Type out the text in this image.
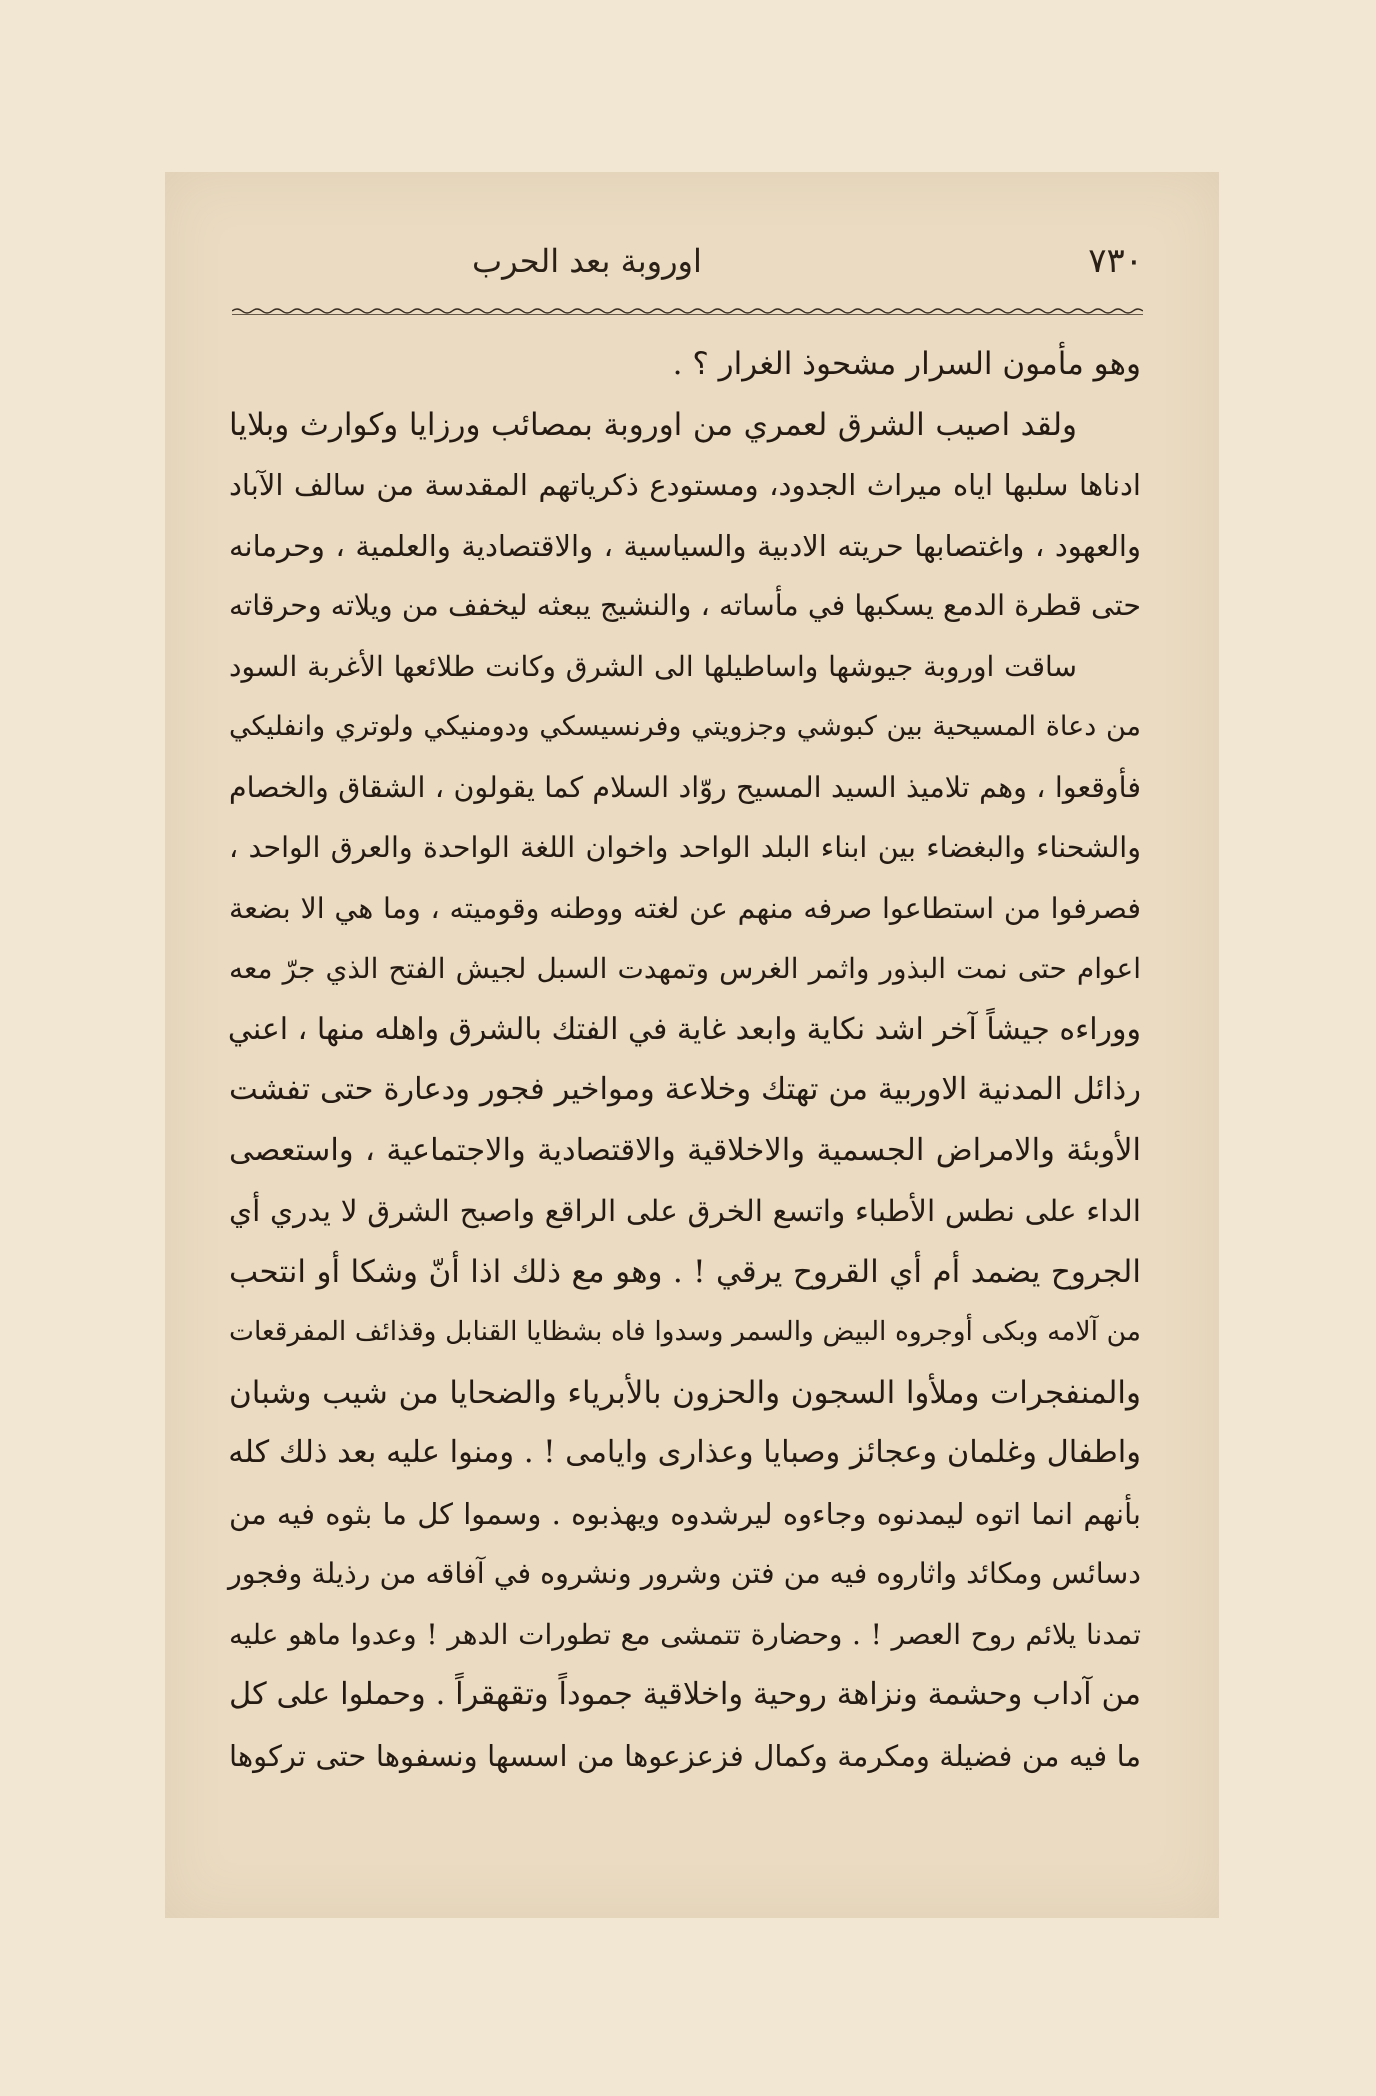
٧٣٠
اوروبة بعد الحرب
وهو مأمون السرار مشحوذ الغرار ؟ .
ولقد اصيب الشرق لعمري من اوروبة بمصائب ورزايا وكوارث وبلايا
ادناها سلبها اياه ميراث الجدود، ومستودع ذكرياتهم المقدسة من سالف الآباد
والعهود ، واغتصابها حريته الادبية والسياسية ، والاقتصادية والعلمية ، وحرمانه
حتى قطرة الدمع يسكبها في مأساته ، والنشيج يبعثه ليخفف من ويلاته وحرقاته
ساقت اوروبة جيوشها واساطيلها الى الشرق وكانت طلائعها الأغربة السود
من دعاة المسيحية بين كبوشي وجزويتي وفرنسيسكي ودومنيكي ولوتري وانفليكي
فأوقعوا ، وهم تلاميذ السيد المسيح روّاد السلام كما يقولون ، الشقاق والخصام
والشحناء والبغضاء بين ابناء البلد الواحد واخوان اللغة الواحدة والعرق الواحد ،
فصرفوا من استطاعوا صرفه منهم عن لغته ووطنه وقوميته ، وما هي الا بضعة
اعوام حتى نمت البذور واثمر الغرس وتمهدت السبل لجيش الفتح الذي جرّ معه
ووراءه جيشاً آخر اشد نكاية وابعد غاية في الفتك بالشرق واهله منها ، اعني
رذائل المدنية الاوربية من تهتك وخلاعة ومواخير فجور ودعارة حتى تفشت
الأوبئة والامراض الجسمية والاخلاقية والاقتصادية والاجتماعية ، واستعصى
الداء على نطس الأطباء واتسع الخرق على الراقع واصبح الشرق لا يدري أي
الجروح يضمد أم أي القروح يرقي ! . وهو مع ذلك اذا أنّ وشكا أو انتحب
من آلامه وبكى أوجروه البيض والسمر وسدوا فاه بشظايا القنابل وقذائف المفرقعات
والمنفجرات وملأوا السجون والحزون بالأبرياء والضحايا من شيب وشبان
واطفال وغلمان وعجائز وصبايا وعذارى وايامى ! . ومنوا عليه بعد ذلك كله
بأنهم انما اتوه ليمدنوه وجاءوه ليرشدوه ويهذبوه . وسموا كل ما بثوه فيه من
دسائس ومكائد واثاروه فيه من فتن وشرور ونشروه في آفاقه من رذيلة وفجور
تمدنا يلائم روح العصر ! . وحضارة تتمشى مع تطورات الدهر ! وعدوا ماهو عليه
من آداب وحشمة ونزاهة روحية واخلاقية جموداً وتقهقراً . وحملوا على كل
ما فيه من فضيلة ومكرمة وكمال فزعزعوها من اسسها ونسفوها حتى تركوها
